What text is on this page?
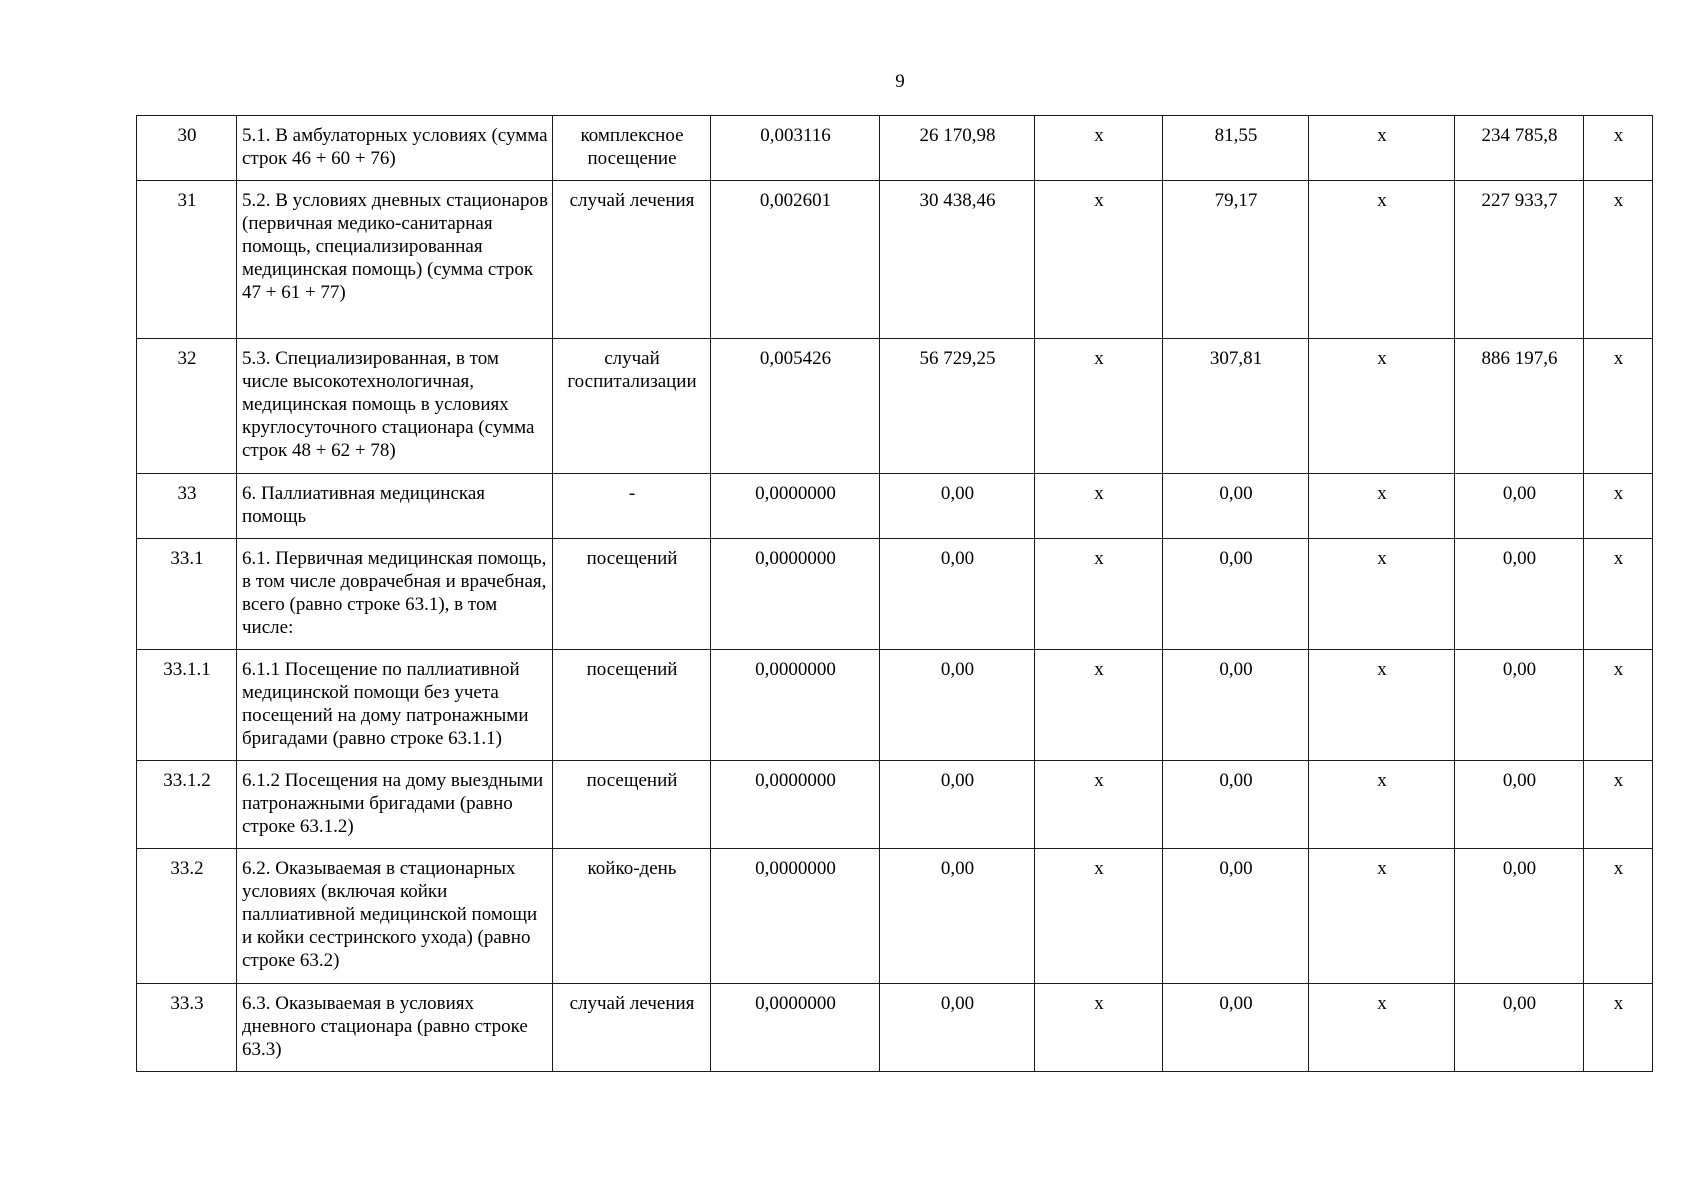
9
30	5.1. В амбулаторных условиях (сумма строк 46 + 60 + 76)	комплексное посещение	0,003116	26 170,98	х	81,55	х	234 785,8	х
31	5.2. В условиях дневных стационаров (первичная медико-санитарная помощь, специализированная медицинская помощь) (сумма строк 47 + 61 + 77)	случай лечения	0,002601	30 438,46	х	79,17	х	227 933,7	х
32	5.3. Специализированная, в том числе высокотехнологичная, медицинская помощь в условиях круглосуточного стационара (сумма строк 48 + 62 + 78)	случай госпитализации	0,005426	56 729,25	х	307,81	х	886 197,6	х
33	6. Паллиативная медицинская помощь	-	0,0000000	0,00	х	0,00	х	0,00	х
33.1	6.1. Первичная медицинская помощь, в том числе доврачебная и врачебная, всего (равно строке 63.1), в том числе:	посещений	0,0000000	0,00	х	0,00	х	0,00	х
33.1.1	6.1.1 Посещение по паллиативной медицинской помощи без учета посещений на дому патронажными бригадами (равно строке 63.1.1)	посещений	0,0000000	0,00	х	0,00	х	0,00	х
33.1.2	6.1.2 Посещения на дому выездными патронажными бригадами (равно строке 63.1.2)	посещений	0,0000000	0,00	х	0,00	х	0,00	х
33.2	6.2. Оказываемая в стационарных условиях (включая койки паллиативной медицинской помощи и койки сестринского ухода) (равно строке 63.2)	койко-день	0,0000000	0,00	х	0,00	х	0,00	х
33.3	6.3. Оказываемая в условиях дневного стационара (равно строке 63.3)	случай лечения	0,0000000	0,00	х	0,00	х	0,00	х
